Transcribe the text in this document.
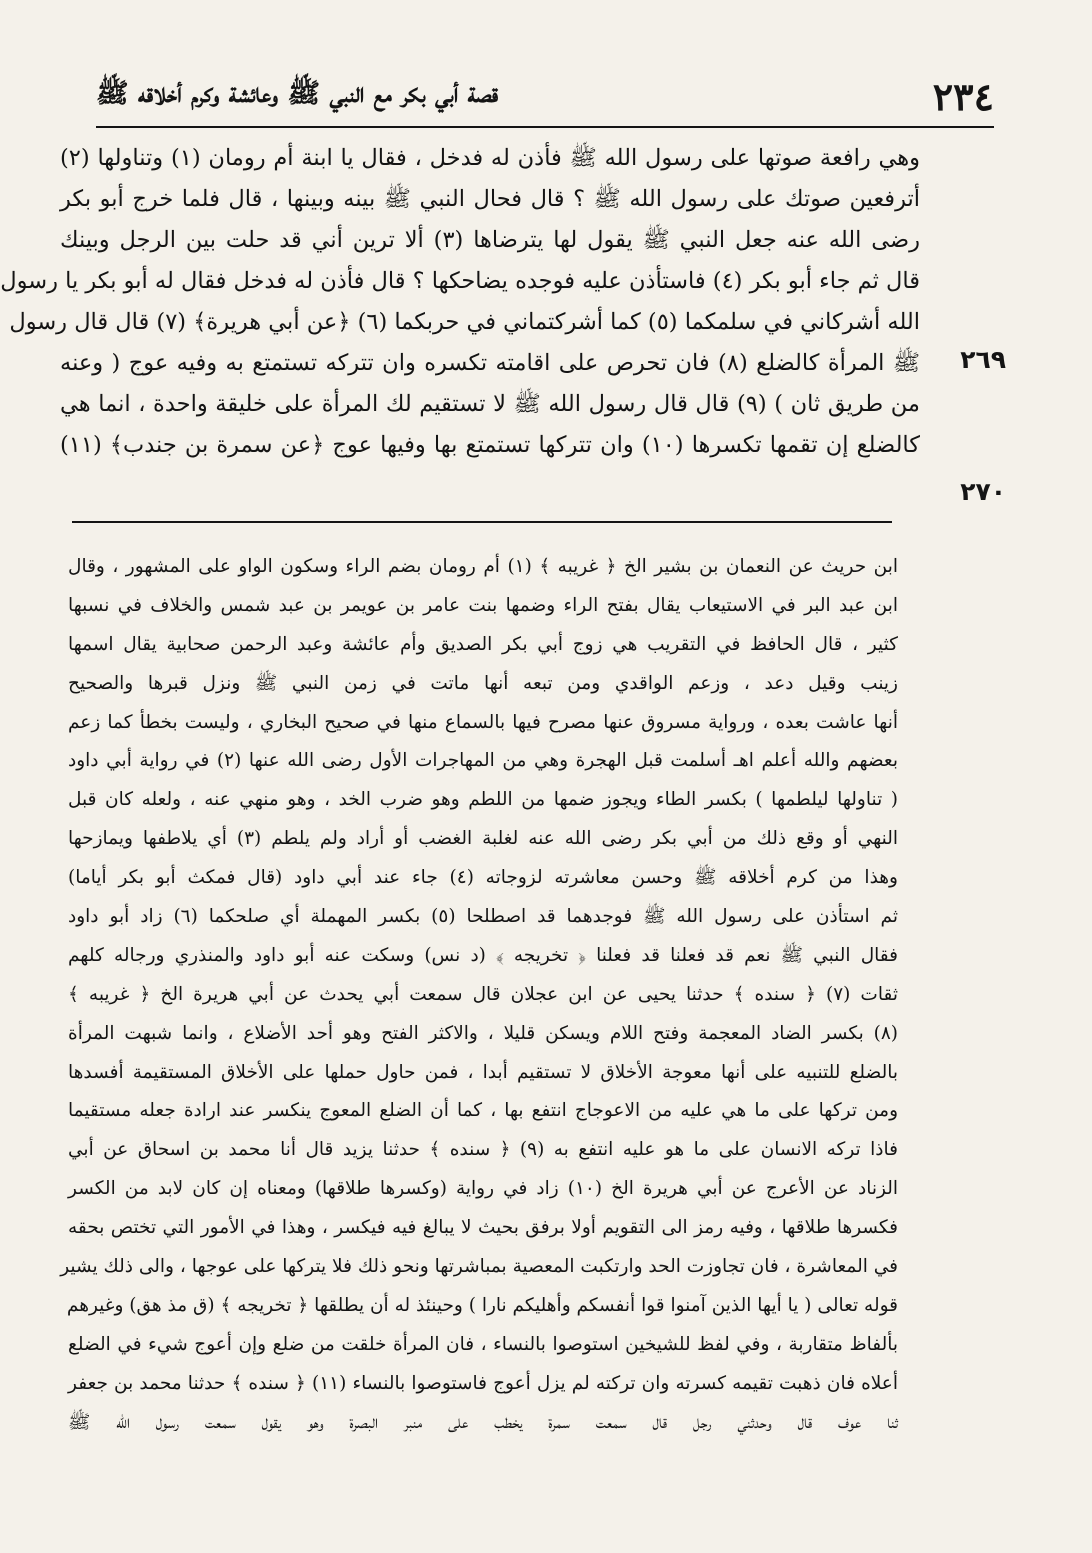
٢٣٤
قصة أبي بكر مع النبي ﷺ وعائشة وكرم أخلاقه ﷺ
وهي رافعة صوتها على رسول الله ﷺ فأذن له فدخل ، فقال يا ابنة أم رومان (١) وتناولها (٢)
أترفعين صوتك على رسول الله ﷺ ؟ قال فحال النبي ﷺ بينه وبينها ، قال فلما خرج أبو بكر
رضى الله عنه جعل النبي ﷺ يقول لها يترضاها (٣) ألا ترين أني قد حلت بين الرجل وبينك
قال ثم جاء أبو بكر (٤) فاستأذن عليه فوجده يضاحكها ؟ قال فأذن له فدخل فقال له أبو بكر يا رسول
الله أشركاني في سلمكما (٥) كما أشركتماني في حربكما (٦) ﴿عن أبي هريرة﴾ (٧) قال قال رسول
ﷺ المرأة كالضلع (٨) فان تحرص على اقامته تكسره وان تتركه تستمتع به وفيه عوج ( وعنه
من طريق ثان ) (٩) قال قال رسول الله ﷺ لا تستقيم لك المرأة على خليقة واحدة ، انما هي
كالضلع إن تقمها تكسرها (١٠) وان تتركها تستمتع بها وفيها عوج ﴿عن سمرة بن جندب﴾ (١١)
٢٦٩
٢٧٠
ابن حريث عن النعمان بن بشير الخ ﴿ غريبه ﴾ (١) أم رومان بضم الراء وسكون الواو على المشهور ، وقال
ابن عبد البر في الاستيعاب يقال بفتح الراء وضمها بنت عامر بن عويمر بن عبد شمس والخلاف في نسبها
كثير ، قال الحافظ في التقريب هي زوج أبي بكر الصديق وأم عائشة وعبد الرحمن صحابية يقال اسمها
زينب وقيل دعد ، وزعم الواقدي ومن تبعه أنها ماتت في زمن النبي ﷺ ونزل قبرها والصحيح
أنها عاشت بعده ، ورواية مسروق عنها مصرح فيها بالسماع منها في صحيح البخاري ، وليست بخطأ كما زعم
بعضهم والله أعلم اهـ أسلمت قبل الهجرة وهي من المهاجرات الأول رضى الله عنها (٢) في رواية أبي داود
( تناولها ليلطمها ) بكسر الطاء ويجوز ضمها من اللطم وهو ضرب الخد ، وهو منهي عنه ، ولعله كان قبل
النهي أو وقع ذلك من أبي بكر رضى الله عنه لغلبة الغضب أو أراد ولم يلطم (٣) أي يلاطفها ويمازحها
وهذا من كرم أخلاقه ﷺ وحسن معاشرته لزوجاته (٤) جاء عند أبي داود (قال فمكث أبو بكر أياما)
ثم استأذن على رسول الله ﷺ فوجدهما قد اصطلحا (٥) بكسر المهملة أي صلحكما (٦) زاد أبو داود
فقال النبي ﷺ نعم قد فعلنا قد فعلنا ﴿ تخريجه ﴾ (د نس) وسكت عنه أبو داود والمنذري ورجاله كلهم
ثقات (٧) ﴿ سنده ﴾ حدثنا يحيى عن ابن عجلان قال سمعت أبي يحدث عن أبي هريرة الخ ﴿ غريبه ﴾
(٨) بكسر الضاد المعجمة وفتح اللام ويسكن قليلا ، والاكثر الفتح وهو أحد الأضلاع ، وانما شبهت المرأة
بالضلع للتنبيه على أنها معوجة الأخلاق لا تستقيم أبدا ، فمن حاول حملها على الأخلاق المستقيمة أفسدها
ومن تركها على ما هي عليه من الاعوجاج انتفع بها ، كما أن الضلع المعوج ينكسر عند ارادة جعله مستقيما
فاذا تركه الانسان على ما هو عليه انتفع به (٩) ﴿ سنده ﴾ حدثنا يزيد قال أنا محمد بن اسحاق عن أبي
الزناد عن الأعرج عن أبي هريرة الخ (١٠) زاد في رواية (وكسرها طلاقها) ومعناه إن كان لابد من الكسر
فكسرها طلاقها ، وفيه رمز الى التقويم أولا برفق بحيث لا يبالغ فيه فيكسر ، وهذا في الأمور التي تختص بحقه
في المعاشرة ، فان تجاوزت الحد وارتكبت المعصية بمباشرتها ونحو ذلك فلا يتركها على عوجها ، والى ذلك يشير
قوله تعالى ( يا أيها الذين آمنوا قوا أنفسكم وأهليكم نارا ) وحينئذ له أن يطلقها ﴿ تخريجه ﴾ (ق مذ هق) وغيرهم
بألفاظ متقاربة ، وفي لفظ للشيخين استوصوا بالنساء ، فان المرأة خلقت من ضلع وإن أعوج شيء في الضلع
أعلاه فان ذهبت تقيمه كسرته وان تركته لم يزل أعوج فاستوصوا بالنساء (١١) ﴿ سنده ﴾ حدثنا محمد بن جعفر
ثنا عوف قال وحدثني رجل قال سمعت سمرة يخطب على منبر البصرة وهو يقول سمعت رسول الله ﷺ
